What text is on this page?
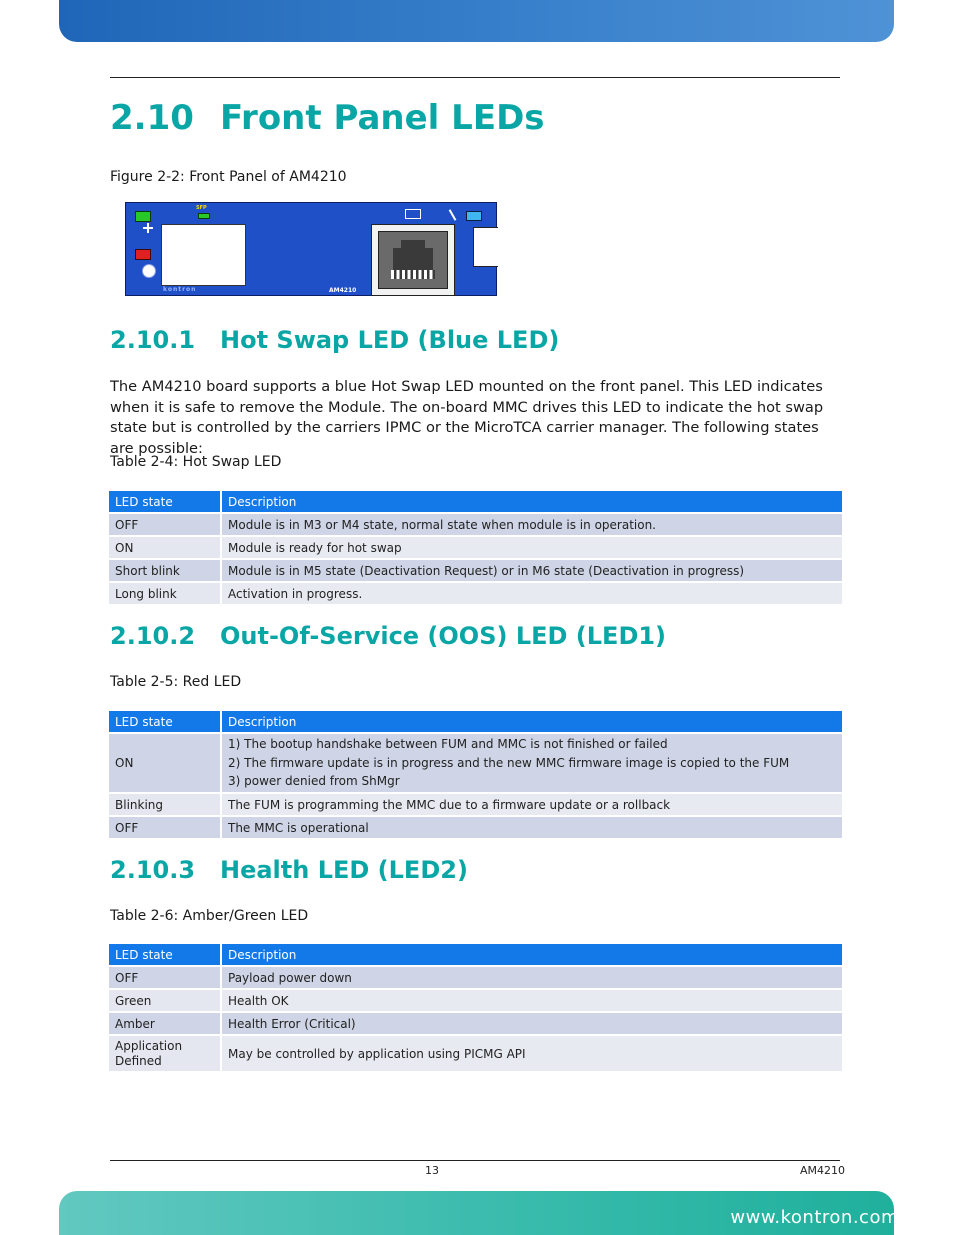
2.10 Front Panel LEDs
Figure 2-2: Front Panel of AM4210
SFP
kontron	AM4210
2.10.1 Hot Swap LED (Blue LED)
The AM4210 board supports a blue Hot Swap LED mounted on the front panel. This LED indicates when it is safe to remove the Module. The on-board MMC drives this LED to indicate the hot swap state but is controlled by the carriers IPMC or the MicroTCA carrier manager. The following states are possible:
Table 2-4: Hot Swap LED
LED state	Description
OFF	Module is in M3 or M4 state, normal state when module is in operation.
ON	Module is ready for hot swap
Short blink	Module is in M5 state (Deactivation Request) or in M6 state (Deactivation in progress)
Long blink	Activation in progress.
2.10.2 Out-Of-Service (OOS) LED (LED1)
Table 2-5: Red LED
LED state	Description
ON	1) The bootup handshake between FUM and MMC is not finished or failed
2) The firmware update is in progress and the new MMC firmware image is copied to the FUM
3) power denied from ShMgr

Blinking	The FUM is programming the MMC due to a firmware update or a rollback
OFF	The MMC is operational
2.10.3 Health LED (LED2)
Table 2-6: Amber/Green LED
LED state	Description
OFF	Payload power down
Green	Health OK
Amber	Health Error (Critical)
Application Defined	May be controlled by application using PICMG API
13	AM4210
www.kontron.com
